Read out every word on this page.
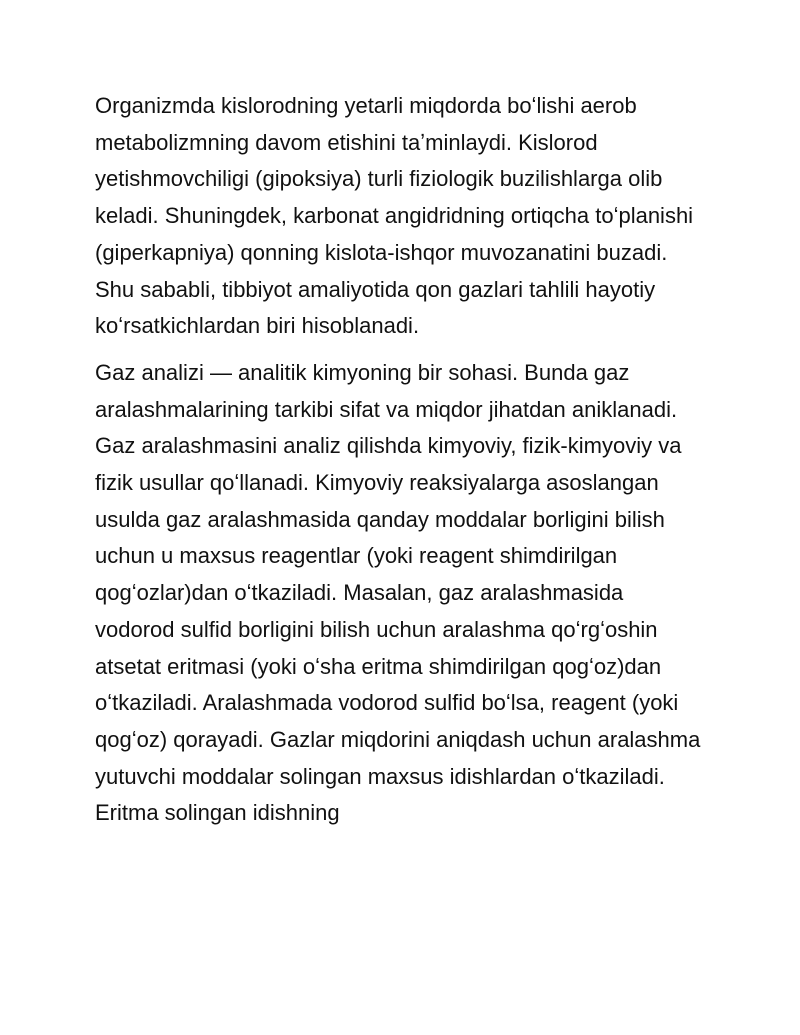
Organizmda kislorodning yetarli miqdorda boʻlishi aerob metabolizmning davom etishini taʼminlaydi. Kislorod yetishmovchiligi (gipoksiya) turli fiziologik buzilishlarga olib keladi. Shuningdek, karbonat angidridning ortiqcha toʻplanishi (giperkapniya) qonning kislota-ishqor muvozanatini buzadi. Shu sababli, tibbiyot amaliyotida qon gazlari tahlili hayotiy koʻrsatkichlardan biri hisoblanadi.

Gaz analizi — analitik kimyoning bir sohasi. Bunda gaz aralashmalarining tarkibi sifat va miqdor jihatdan aniklanadi. Gaz aralashmasini analiz qilishda kimyoviy, fizik-kimyoviy va fizik usullar qoʻllanadi. Kimyoviy reaksiyalarga asoslangan usulda gaz aralashmasida qanday moddalar borligini bilish uchun u maxsus reagentlar (yoki reagent shimdirilgan qogʻozlar)dan oʻtkaziladi. Masalan, gaz aralashmasida vodorod sulfid borligini bilish uchun aralashma qoʻrgʻoshin atsetat eritmasi (yoki oʻsha eritma shimdirilgan qogʻoz)dan oʻtkaziladi. Aralashmada vodorod sulfid boʻlsa, reagent (yoki qogʻoz) qorayadi. Gazlar miqdorini aniqdash uchun aralashma yutuvchi moddalar solingan maxsus idishlardan oʻtkaziladi. Eritma solingan idishning
